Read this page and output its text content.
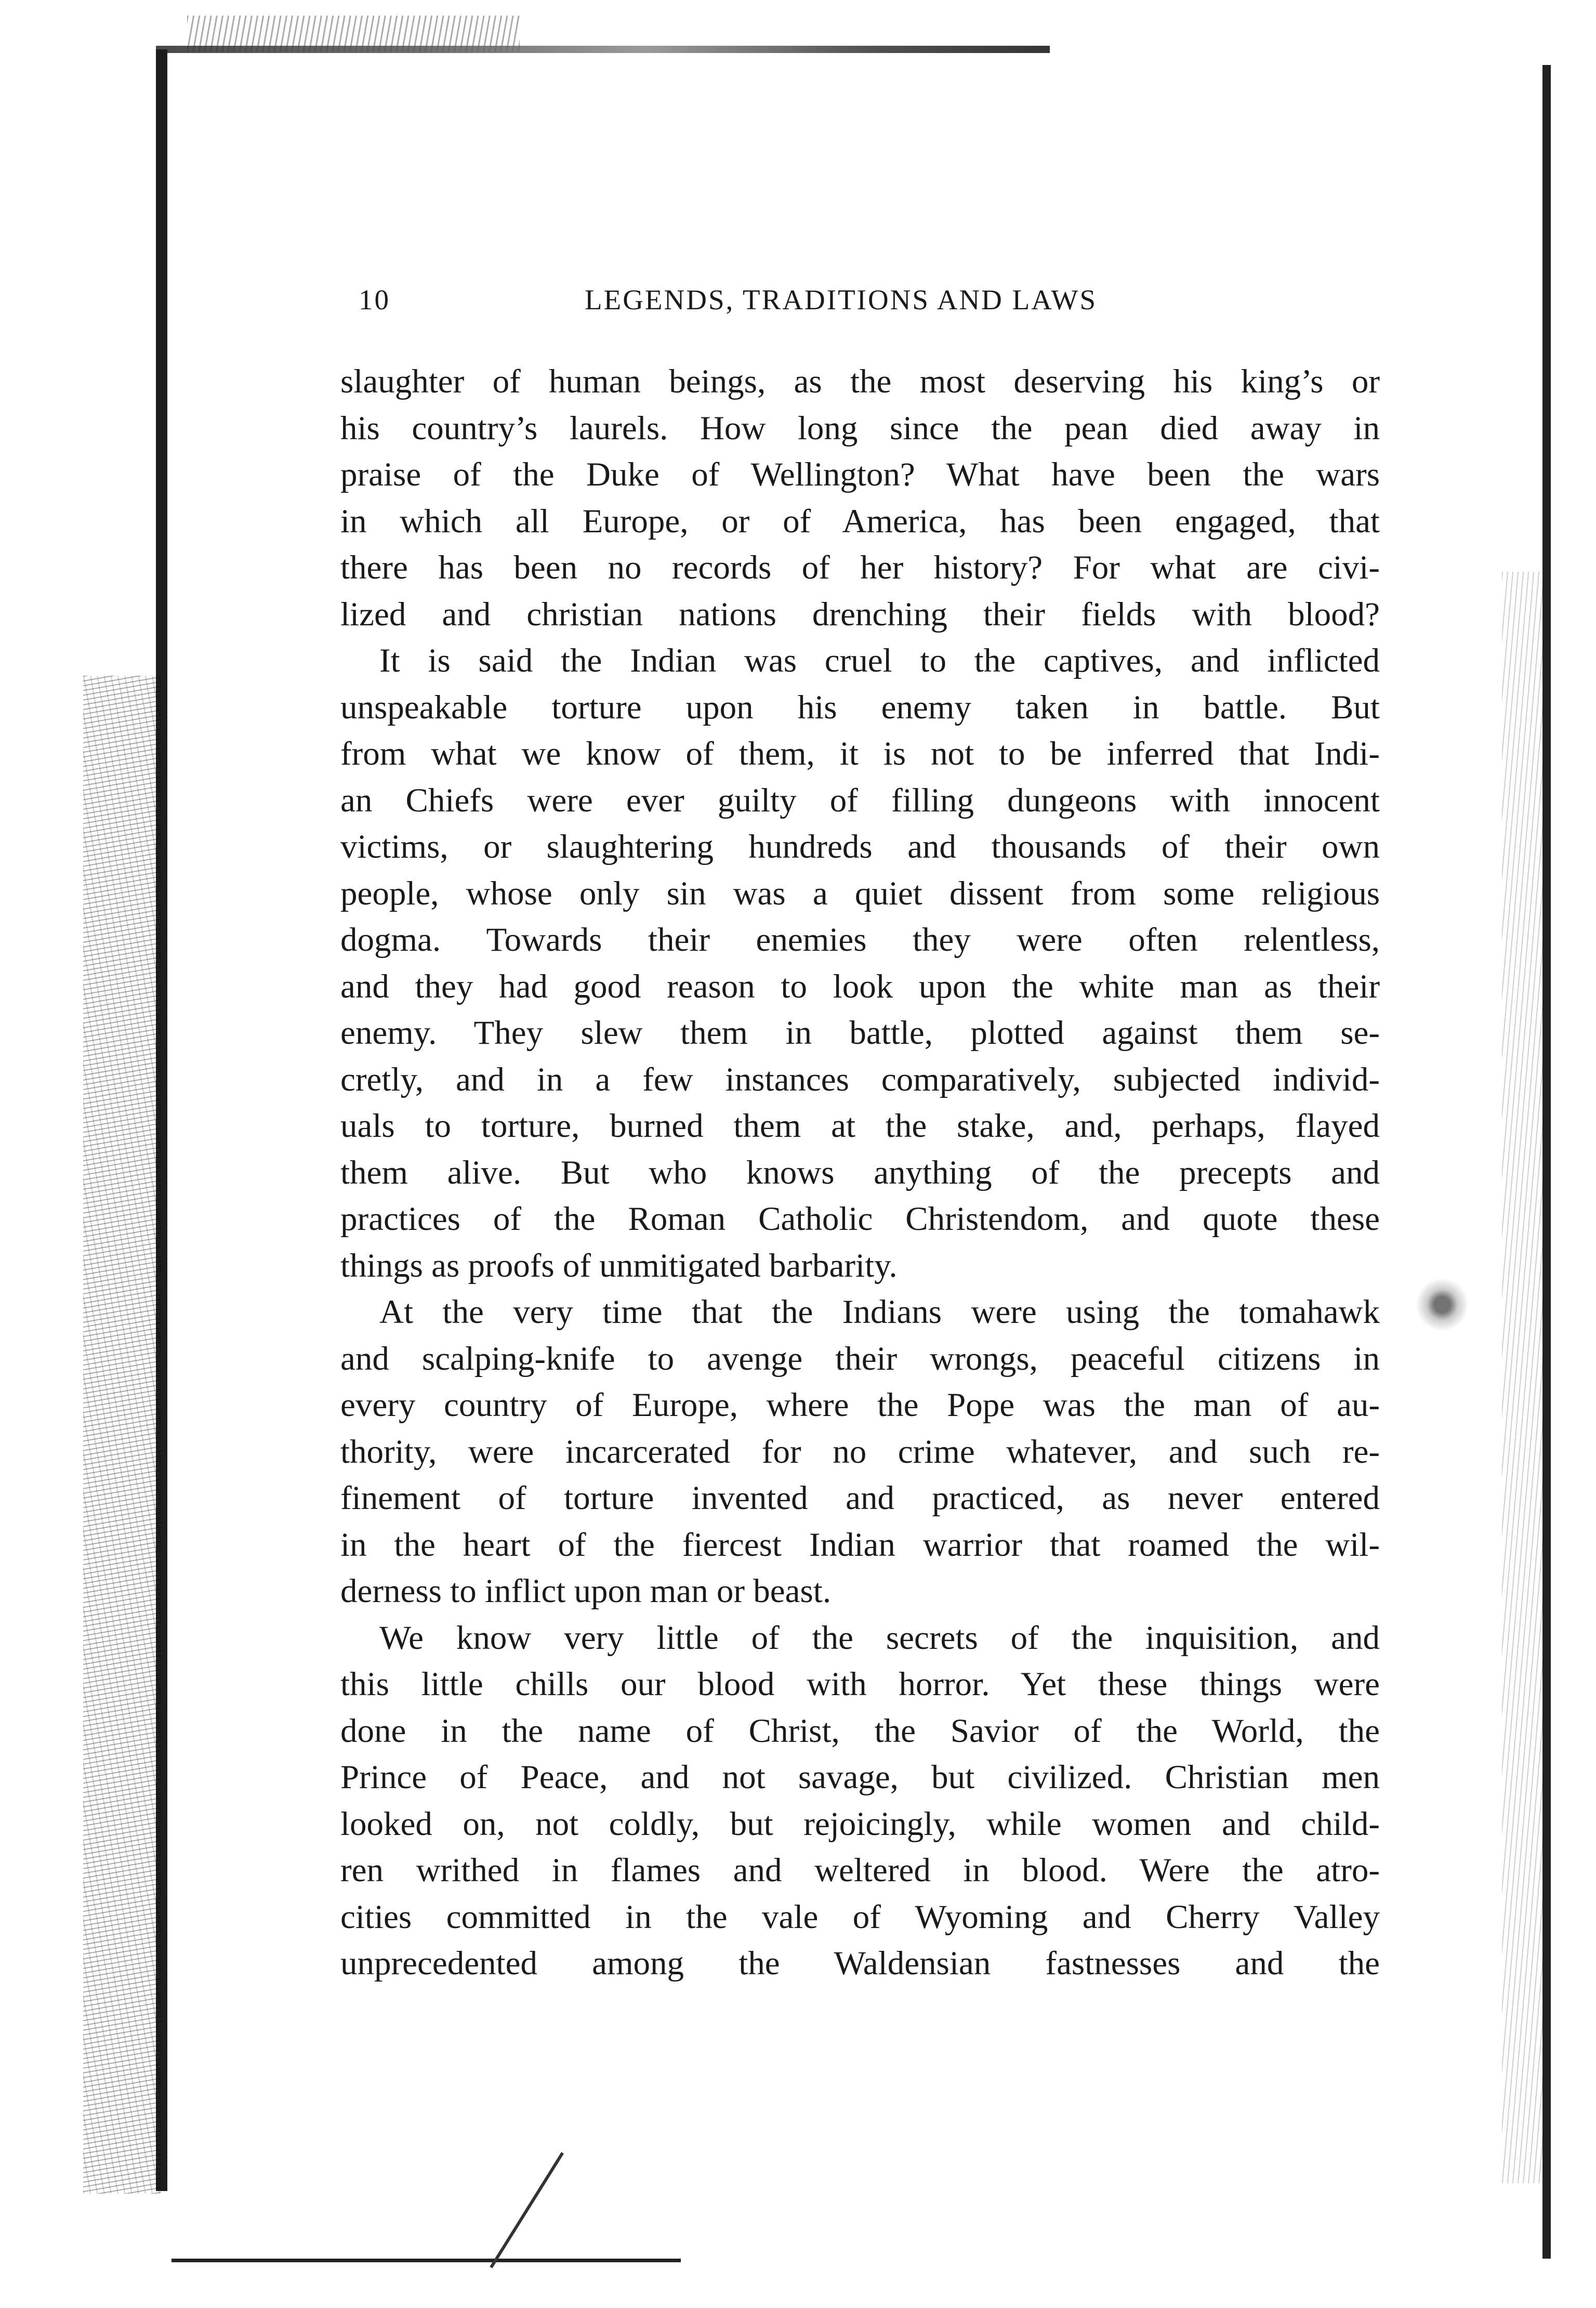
10	LEGENDS, TRADITIONS AND LAWS
slaughter of human beings, as the most deserving his king’s or
his country’s laurels. How long since the pean died away in
praise of the Duke of Wellington? What have been the wars
in which all Europe, or of America, has been engaged, that
there has been no records of her history? For what are civi-
lized and christian nations drenching their fields with blood?
It is said the Indian was cruel to the captives, and inflicted
unspeakable torture upon his enemy taken in battle. But
from what we know of them, it is not to be inferred that Indi-
an Chiefs were ever guilty of filling dungeons with innocent
victims, or slaughtering hundreds and thousands of their own
people, whose only sin was a quiet dissent from some religious
dogma. Towards their enemies they were often relentless,
and they had good reason to look upon the white man as their
enemy. They slew them in battle, plotted against them se-
cretly, and in a few instances comparatively, subjected individ-
uals to torture, burned them at the stake, and, perhaps, flayed
them alive. But who knows anything of the precepts and
practices of the Roman Catholic Christendom, and quote these
things as proofs of unmitigated barbarity.
At the very time that the Indians were using the tomahawk
and scalping-knife to avenge their wrongs, peaceful citizens in
every country of Europe, where the Pope was the man of au-
thority, were incarcerated for no crime whatever, and such re-
finement of torture invented and practiced, as never entered
in the heart of the fiercest Indian warrior that roamed the wil-
derness to inflict upon man or beast.
We know very little of the secrets of the inquisition, and
this little chills our blood with horror. Yet these things were
done in the name of Christ, the Savior of the World, the
Prince of Peace, and not savage, but civilized. Christian men
looked on, not coldly, but rejoicingly, while women and child-
ren writhed in flames and weltered in blood. Were the atro-
cities committed in the vale of Wyoming and Cherry Valley
unprecedented among the Waldensian fastnesses and the
